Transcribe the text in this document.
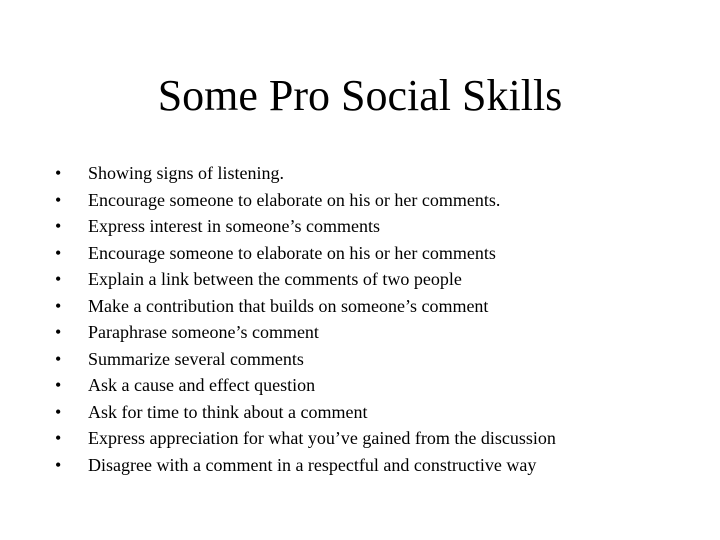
Some Pro Social Skills
•	Showing signs of listening.
•	Encourage someone to elaborate on his or her comments.
•	Express interest in someone’s comments
•	Encourage someone to elaborate on his or her comments
•	Explain a link between the comments of two people
•	Make a contribution that builds on someone’s comment
•	Paraphrase someone’s comment
•	Summarize several comments
•	Ask a cause and effect question
•	Ask for time to think about a comment
•	Express appreciation for what you’ve gained from the discussion
•	Disagree with a comment in a respectful and constructive way
